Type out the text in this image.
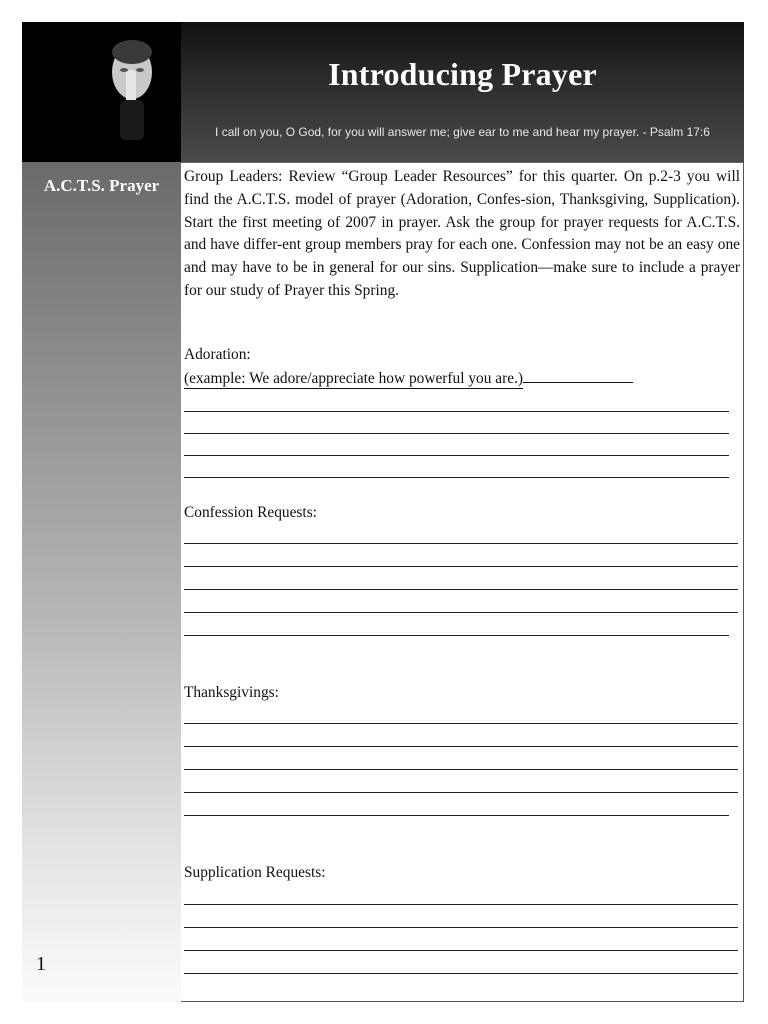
Introducing Prayer
I call on you, O God, for you will answer me; give ear to me and hear my prayer. - Psalm 17:6
A.C.T.S. Prayer
1

Group Leaders: Review “Group Leader Resources” for this quarter. On p.2-3 you will find the A.C.T.S. model of prayer (Adoration, Confes-sion, Thanksgiving, Supplication). Start the first meeting of 2007 in prayer. Ask the group for prayer requests for A.C.T.S. and have differ-ent group members pray for each one. Confession may not be an easy one and may have to be in general for our sins. Supplication—make sure to include a prayer for our study of Prayer this Spring.

Adoration:
(example: We adore/appreciate how powerful you are.)
Confession Requests:
Thanksgivings:
Supplication Requests:
